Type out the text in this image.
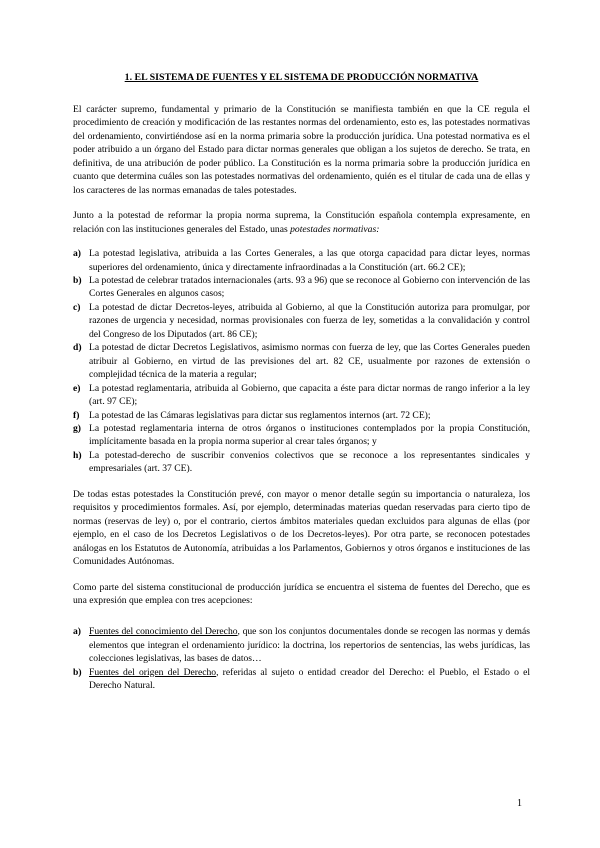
1. EL SISTEMA DE FUENTES Y EL SISTEMA DE PRODUCCIÓN NORMATIVA

El carácter supremo, fundamental y primario de la Constitución se manifiesta también en que la CE regula el procedimiento de creación y modificación de las restantes normas del ordenamiento, esto es, las potestades normativas del ordenamiento, convirtiéndose así en la norma primaria sobre la producción jurídica. Una potestad normativa es el poder atribuido a un órgano del Estado para dictar normas generales que obligan a los sujetos de derecho. Se trata, en definitiva, de una atribución de poder público. La Constitución es la norma primaria sobre la producción jurídica en cuanto que determina cuáles son las potestades normativas del ordenamiento, quién es el titular de cada una de ellas y los caracteres de las normas emanadas de tales potestades.

Junto a la potestad de reformar la propia norma suprema, la Constitución española contempla expresamente, en relación con las instituciones generales del Estado, unas potestades normativas:

a) La potestad legislativa, atribuida a las Cortes Generales, a las que otorga capacidad para dictar leyes, normas superiores del ordenamiento, única y directamente infraordinadas a la Constitución (art. 66.2 CE);
b) La potestad de celebrar tratados internacionales (arts. 93 a 96) que se reconoce al Gobierno con intervención de las Cortes Generales en algunos casos;
c) La potestad de dictar Decretos-leyes, atribuida al Gobierno, al que la Constitución autoriza para promulgar, por razones de urgencia y necesidad, normas provisionales con fuerza de ley, sometidas a la convalidación y control del Congreso de los Diputados (art. 86 CE);
d) La potestad de dictar Decretos Legislativos, asimismo normas con fuerza de ley, que las Cortes Generales pueden atribuir al Gobierno, en virtud de las previsiones del art. 82 CE, usualmente por razones de extensión o complejidad técnica de la materia a regular;
e) La potestad reglamentaria, atribuida al Gobierno, que capacita a éste para dictar normas de rango inferior a la ley (art. 97 CE);
f) La potestad de las Cámaras legislativas para dictar sus reglamentos internos (art. 72 CE);
g) La potestad reglamentaria interna de otros órganos o instituciones contemplados por la propia Constitución, implícitamente basada en la propia norma superior al crear tales órganos; y
h) La potestad-derecho de suscribir convenios colectivos que se reconoce a los representantes sindicales y empresariales (art. 37 CE).

De todas estas potestades la Constitución prevé, con mayor o menor detalle según su importancia o naturaleza, los requisitos y procedimientos formales. Así, por ejemplo, determinadas materias quedan reservadas para cierto tipo de normas (reservas de ley) o, por el contrario, ciertos ámbitos materiales quedan excluidos para algunas de ellas (por ejemplo, en el caso de los Decretos Legislativos o de los Decretos-leyes). Por otra parte, se reconocen potestades análogas en los Estatutos de Autonomía, atribuidas a los Parlamentos, Gobiernos y otros órganos e instituciones de las Comunidades Autónomas.

Como parte del sistema constitucional de producción jurídica se encuentra el sistema de fuentes del Derecho, que es una expresión que emplea con tres acepciones:

a) Fuentes del conocimiento del Derecho, que son los conjuntos documentales donde se recogen las normas y demás elementos que integran el ordenamiento jurídico: la doctrina, los repertorios de sentencias, las webs jurídicas, las colecciones legislativas, las bases de datos…
b) Fuentes del origen del Derecho, referidas al sujeto o entidad creador del Derecho: el Pueblo, el Estado o el Derecho Natural.
1
